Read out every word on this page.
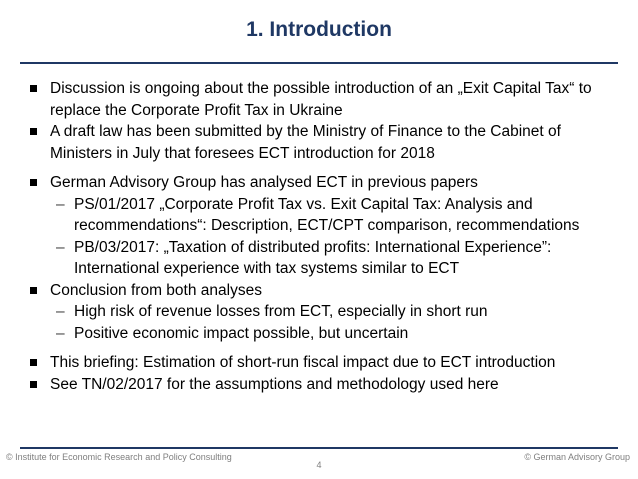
1. Introduction
Discussion is ongoing about the possible introduction of an „Exit Capital Tax“ to replace the Corporate Profit Tax in Ukraine
A draft law has been submitted by the Ministry of Finance to the Cabinet of Ministers in July that foresees ECT introduction for 2018
German Advisory Group has analysed ECT in previous papers
– PS/01/2017 „Corporate Profit Tax vs. Exit Capital Tax: Analysis and recommendations“: Description, ECT/CPT comparison, recommendations
– PB/03/2017: „Taxation of distributed profits: International Experience”: International experience with tax systems similar to ECT
Conclusion from both analyses
– High risk of revenue losses from ECT, especially in short run
– Positive economic impact possible, but uncertain
This briefing: Estimation of short-run fiscal impact due to ECT introduction
See TN/02/2017 for the assumptions and methodology used here
© Institute for Economic Research and Policy Consulting
4
© German Advisory Group
